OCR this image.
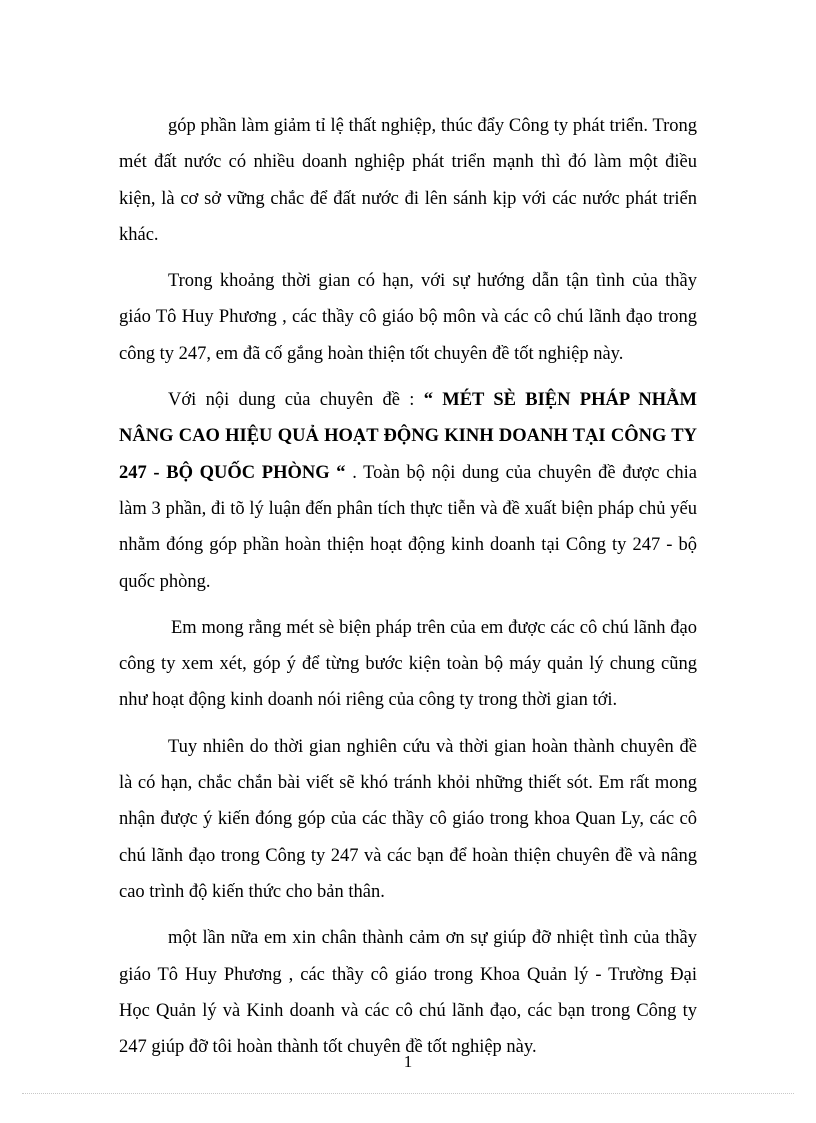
góp phần làm giảm tỉ lệ thất nghiệp, thúc đẩy Công ty phát triển. Trong mét đất nước có nhiều doanh nghiệp phát triển mạnh thì đó làm một điều kiện, là cơ sở vững chắc để đất nước đi lên sánh kịp với các nước phát triển khác.

Trong khoảng thời gian có hạn, với sự hướng dẫn tận tình của thầy giáo Tô Huy Phương , các thầy cô giáo bộ môn và các cô chú lãnh đạo trong công ty 247, em đã cố gắng hoàn thiện tốt chuyên đề tốt nghiệp này.

Với nội dung của chuyên đề : “ MÉT SÈ BIỆN PHÁP NHẰM NÂNG CAO HIỆU QUẢ HOẠT ĐỘNG KINH DOANH TẠI CÔNG TY 247 - BỘ QUỐC PHÒNG “ . Toàn bộ nội dung của chuyên đề được chia làm 3 phần, đi tõ lý luận đến phân tích thực tiễn và đề xuất biện pháp chủ yếu nhằm đóng góp phần hoàn thiện hoạt động kinh doanh tại Công ty 247 - bộ quốc phòng.

Em mong rằng mét sè biện pháp trên của em được các cô chú lãnh đạo công ty xem xét, góp ý để từng bước kiện toàn bộ máy quản lý chung cũng như hoạt động kinh doanh nói riêng của công ty trong thời gian tới.

Tuy nhiên do thời gian nghiên cứu và thời gian hoàn thành chuyên đề là có hạn, chắc chắn bài viết sẽ khó tránh khỏi những thiết sót. Em rất mong nhận được ý kiến đóng góp của các thầy cô giáo trong khoa Quan Ly, các cô chú lãnh đạo trong Công ty 247 và các bạn để hoàn thiện chuyên đề và nâng cao trình độ kiến thức cho bản thân.

một lần nữa em xin chân thành cảm ơn sự giúp đỡ nhiệt tình của thầy giáo Tô Huy Phương , các thầy cô giáo trong Khoa Quản lý - Trường Đại Học Quản lý và Kinh doanh và các cô chú lãnh đạo, các bạn trong Công ty 247 giúp đỡ tôi hoàn thành tốt chuyên đề tốt nghiệp này.

1
